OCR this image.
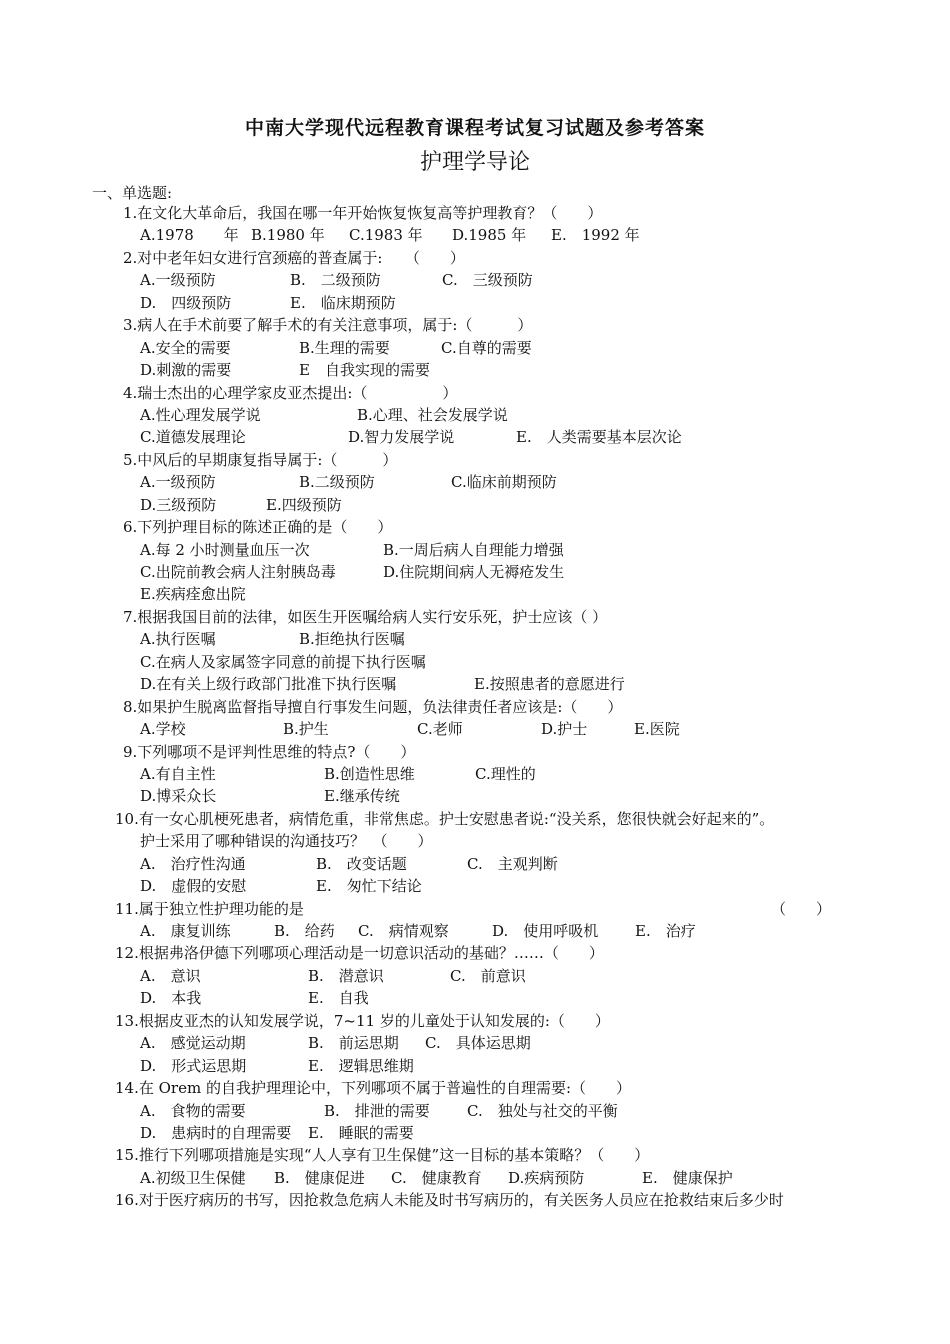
中南大学现代远程教育课程考试复习试题及参考答案
护理学导论
一、单选题:
1.在文化大革命后，我国在哪一年开始恢复恢复高等护理教育？（　　）
A.1978　　年 B.1980 年 C.1983 年 D.1985 年 E.　1992 年
2.对中老年妇女进行宫颈癌的普查属于:　　（　　）
A.一级预防	B.　二级预防	C.　三级预防
D.　四级预防	E.　临床期预防
3.病人在手术前要了解手术的有关注意事项，属于:（　　　）
A.安全的需要	B.生理的需要	C.自尊的需要
D.刺激的需要	E　自我实现的需要
4.瑞士杰出的心理学家皮亚杰提出:（　　　　　）
A.性心理发展学说	B.心理、社会发展学说
C.道德发展理论	D.智力发展学说	E.　人类需要基本层次论
5.中风后的早期康复指导属于:（　　　）
A.一级预防	B.二级预防	C.临床前期预防
D.三级预防	E.四级预防
6.下列护理目标的陈述正确的是（　　）
A.每 2 小时测量血压一次	B.一周后病人自理能力增强
C.出院前教会病人注射胰岛毒	D.住院期间病人无褥疮发生
E.疾病痊愈出院
7.根据我国目前的法律，如医生开医嘱给病人实行安乐死，护士应该（ ）
A.执行医嘱	B.拒绝执行医嘱
C.在病人及家属签字同意的前提下执行医嘱
D.在有关上级行政部门批准下执行医嘱	E.按照患者的意愿进行
8.如果护生脱离监督指导擅自行事发生问题，负法律责任者应该是:（　　）
A.学校	B.护生	C.老师	D.护士	E.医院
9.下列哪项不是评判性思维的特点?（　　）
A.有自主性	B.创造性思维	C.理性的
D.博采众长	E.继承传统
10.有一女心肌梗死患者，病情危重，非常焦虑。护士安慰患者说:“没关系，您很快就会好起来的”。
护士采用了哪种错误的沟通技巧？　（　　）
A.　治疗性沟通	B.　改变话题	C.　主观判断
D.　虚假的安慰	E.　匆忙下结论
11.属于独立性护理功能的是	（　　）
A.　康复训练	B.　给药 C.　病情观察	D.　使用呼吸机 E.　治疗
12.根据弗洛伊德下列哪项心理活动是一切意识活动的基础？……（　　）
A.　意识	B.　潜意识	C.　前意识
D.　本我	E.　自我
13.根据皮亚杰的认知发展学说，7~11 岁的儿童处于认知发展的:（　　）
A.　感觉运动期	B.　前运思期 C.　具体运思期
D.　形式运思期	E.　逻辑思维期
14.在 Orem 的自我护理理论中，下列哪项不属于普遍性的自理需要:（　　）
A.　食物的需要	B.　排泄的需要 C.　独处与社交的平衡
D.　患病时的自理需要 E.　睡眠的需要
15.推行下列哪项措施是实现“人人享有卫生保健”这一目标的基本策略？（　　）
A.初级卫生保健 B.　健康促进 C.　健康教育 D.疾病预防	E.　健康保护
16.对于医疗病历的书写，因抢救急危病人未能及时书写病历的，有关医务人员应在抢救结束后多少时
